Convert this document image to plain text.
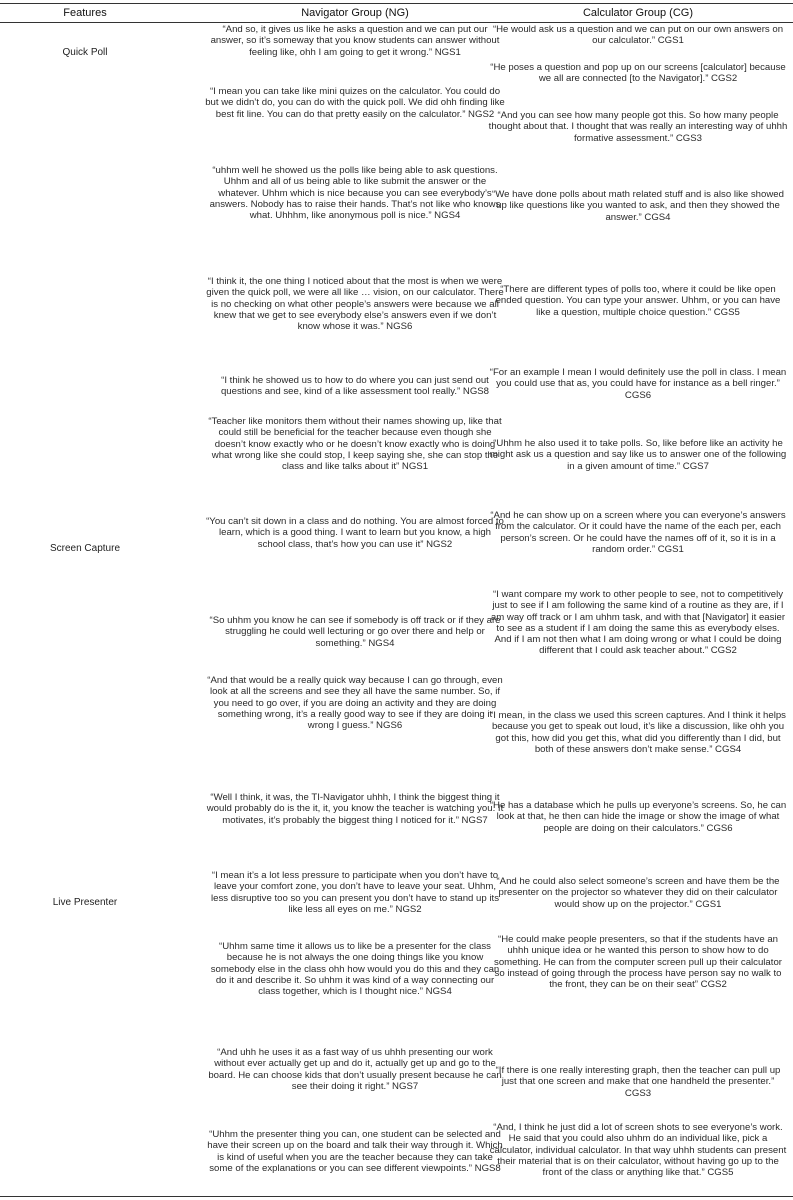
Features	Navigator Group (NG)	Calculator Group (CG)
Quick Poll
Screen Capture
Live Presenter

“And so, it gives us like he asks a question and we can put our answer, so it’s someway that you know students can answer without feeling like, ohh I am going to get it wrong.” NGS1

“I mean you can take like mini quizes on the calculator. You could do but we didn’t do, you can do with the quick poll. We did ohh finding like best fit line. You can do that pretty easily on the calculator.” NGS2

“uhhm well he showed us the polls like being able to ask questions. Uhhm and all of us being able to like submit the answer or the whatever. Uhhm which is nice because you can see everybody’s answers. Nobody has to raise their hands. That’s not like who knows what. Uhhhm, like anonymous poll is nice.” NGS4

“I think it, the one thing I noticed about that the most is when we were given the quick poll, we were all like … vision, on our calculator. There is no checking on what other people’s answers were because we all knew that we get to see everybody else’s answers even if we don’t know whose it was.” NGS6

“I think he showed us to how to do where you can just send out questions and see, kind of a like assessment tool really.” NGS8

“Teacher like monitors them without their names showing up, like that could still be beneficial for the teacher because even though she doesn’t know exactly who or he doesn’t know exactly who is doing what wrong like she could stop, I keep saying she, she can stop the class and like talks about it” NGS1

“You can’t sit down in a class and do nothing. You are almost forced to learn, which is a good thing. I want to learn but you know, a high school class, that’s how you can use it” NGS2

“So uhhm you know he can see if somebody is off track or if they are struggling he could well lecturing or go over there and help or something.” NGS4

“And that would be a really quick way because I can go through, even look at all the screens and see they all have the same number. So, if you need to go over, if you are doing an activity and they are doing something wrong, it’s a really good way to see if they are doing it wrong I guess.” NGS6

“Well I think, it was, the TI-Navigator uhhh, I think the biggest thing it would probably do is the it, it, you know the teacher is watching you. It motivates, it’s probably the biggest thing I noticed for it.” NGS7

“I mean it’s a lot less pressure to participate when you don’t have to leave your comfort zone, you don’t have to leave your seat. Uhhm, less disruptive too so you can present you don’t have to stand up its like less all eyes on me.” NGS2

“Uhhm same time it allows us to like be a presenter for the class because he is not always the one doing things like you know somebody else in the class ohh how would you do this and they can do it and describe it. So uhhm it was kind of a way connecting our class together, which is I thought nice.” NGS4

“And uhh he uses it as a fast way of us uhhh presenting our work without ever actually get up and do it, actually get up and go to the board. He can choose kids that don’t usually present because he can see their doing it right.” NGS7

“Uhhm the presenter thing you can, one student can be selected and have their screen up on the board and talk their way through it. Which is kind of useful when you are the teacher because they can take some of the explanations or you can see different viewpoints.” NGS8

“He would ask us a question and we can put on our own answers on our calculator.” CGS1

“He poses a question and pop up on our screens [calculator] because we all are connected [to the Navigator].” CGS2

“And you can see how many people got this. So how many people thought about that. I thought that was really an interesting way of uhhh formative assessment.” CGS3

“We have done polls about math related stuff and is also like showed up like questions like you wanted to ask, and then they showed the answer.” CGS4

“There are different types of polls too, where it could be like open ended question. You can type your answer. Uhhm, or you can have like a question, multiple choice question.” CGS5

“For an example I mean I would definitely use the poll in class. I mean you could use that as, you could have for instance as a bell ringer.” CGS6

“Uhhm he also used it to take polls. So, like before like an activity he might ask us a question and say like us to answer one of the following in a given amount of time.” CGS7

“And he can show up on a screen where you can everyone’s answers from the calculator. Or it could have the name of the each per, each person’s screen. Or he could have the names off of it, so it is in a random order.” CGS1

“I want compare my work to other people to see, not to competitively just to see if I am following the same kind of a routine as they are, if I am way off track or I am uhhm task, and with that [Navigator] it easier to see as a student if I am doing the same this as everybody elses. And if I am not then what I am doing wrong or what I could be doing different that I could ask teacher about.” CGS2

“I mean, in the class we used this screen captures. And I think it helps because you get to speak out loud, it’s like a discussion, like ohh you got this, how did you get this, what did you differently than I did, but both of these answers don’t make sense.” CGS4

“He has a database which he pulls up everyone’s screens. So, he can look at that, he then can hide the image or show the image of what people are doing on their calculators.” CGS6

“And he could also select someone’s screen and have them be the presenter on the projector so whatever they did on their calculator would show up on the projector.” CGS1

“He could make people presenters, so that if the students have an uhhh unique idea or he wanted this person to show how to do something. He can from the computer screen pull up their calculator so instead of going through the process have person say no walk to the front, they can be on their seat” CGS2

“If there is one really interesting graph, then the teacher can pull up just that one screen and make that one handheld the presenter.” CGS3

“And, I think he just did a lot of screen shots to see everyone’s work. He said that you could also uhhm do an individual like, pick a calculator, individual calculator. In that way uhhh students can present their material that is on their calculator, without having go up to the front of the class or anything like that.” CGS5
